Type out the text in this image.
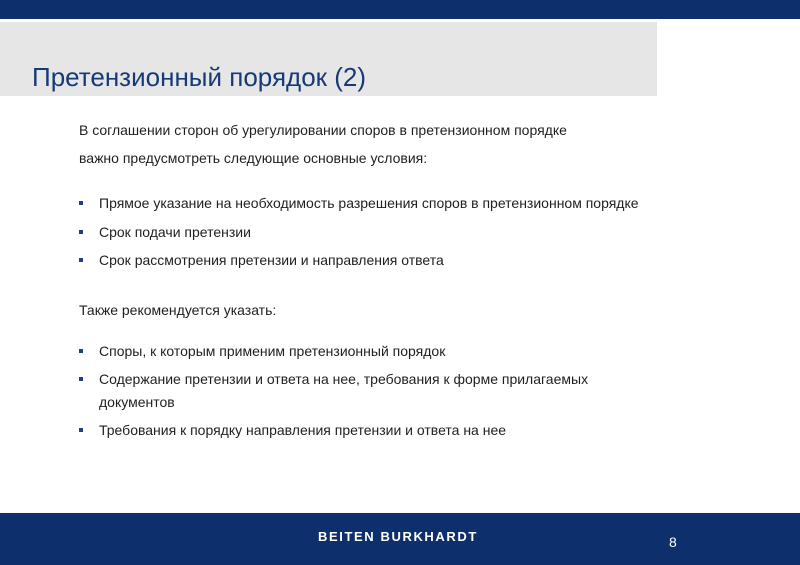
Претензионный порядок (2)

В соглашении сторон об урегулировании споров в претензионном порядке

важно предусмотреть следующие основные условия:

Прямое указание на необходимость разрешения споров в претензионном порядке
Срок подачи претензии
Срок рассмотрения претензии и направления ответа

Также рекомендуется указать:

Споры, к которым применим претензионный порядок
Содержание претензии и ответа на нее, требования к форме прилагаемых документов
Требования к порядку направления претензии и ответа на нее
BEITEN BURKHARDT	8
